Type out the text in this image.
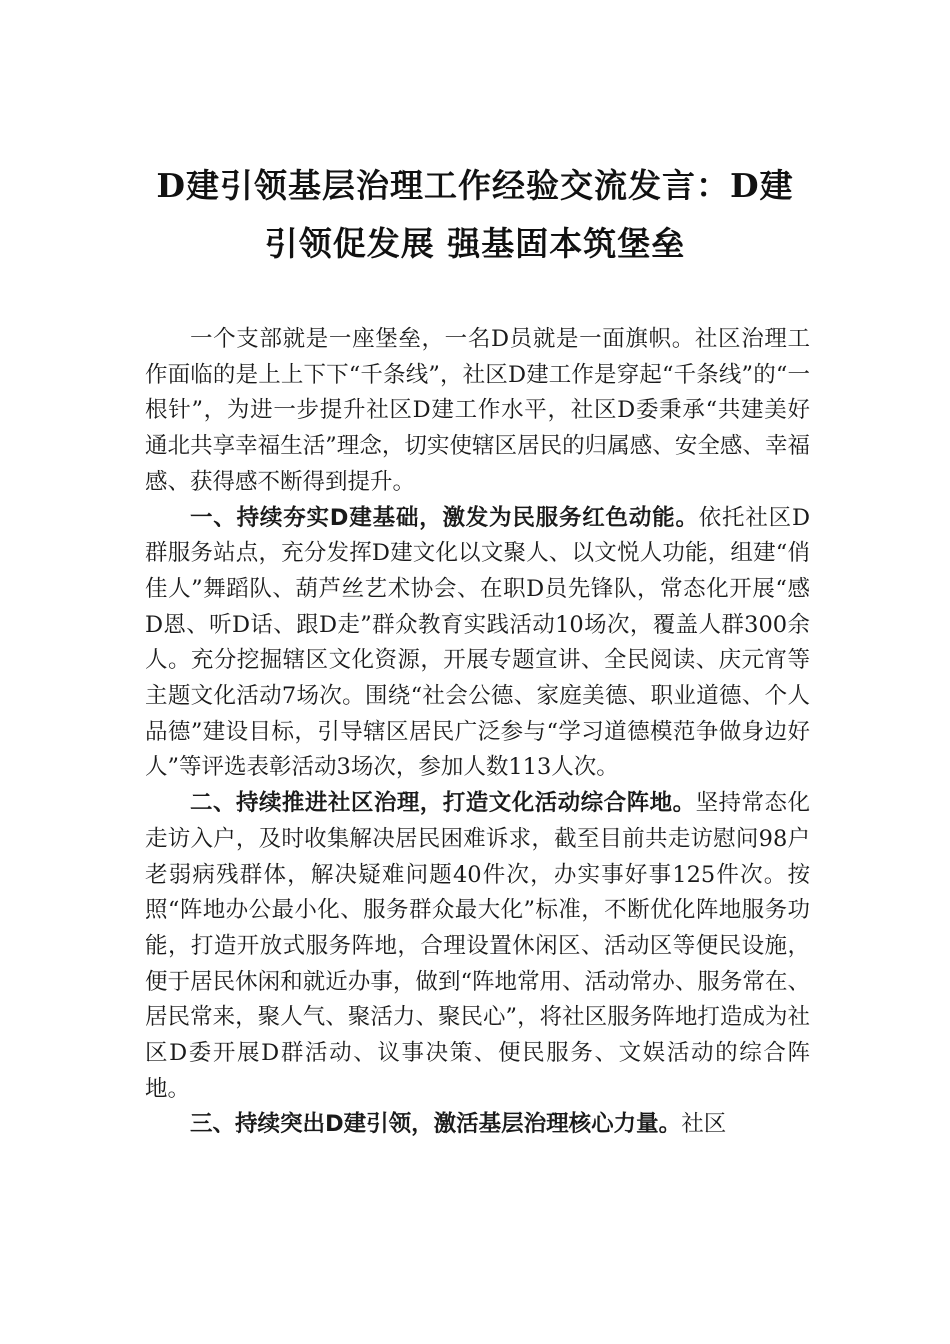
D建引领基层治理工作经验交流发言：D建
引领促发展 强基固本筑堡垒

一个支部就是一座堡垒，一名D员就是一面旗帜。社区治理工作面临的是上上下下“千条线”，社区D建工作是穿起“千条线”的“一根针”，为进一步提升社区D建工作水平，社区D委秉承“共建美好通北共享幸福生活”理念，切实使辖区居民的归属感、安全感、幸福感、获得感不断得到提升。

一、持续夯实D建基础，激发为民服务红色动能。依托社区D群服务站点，充分发挥D建文化以文聚人、以文悦人功能，组建“俏佳人”舞蹈队、葫芦丝艺术协会、在职D员先锋队，常态化开展“感D恩、听D话、跟D走”群众教育实践活动10场次，覆盖人群300余人。充分挖掘辖区文化资源，开展专题宣讲、全民阅读、庆元宵等主题文化活动7场次。围绕“社会公德、家庭美德、职业道德、个人品德”建设目标，引导辖区居民广泛参与“学习道德模范争做身边好人”等评选表彰活动3场次，参加人数113人次。

二、持续推进社区治理，打造文化活动综合阵地。坚持常态化走访入户，及时收集解决居民困难诉求，截至目前共走访慰问98户老弱病残群体，解决疑难问题40件次，办实事好事125件次。按照“阵地办公最小化、服务群众最大化”标准，不断优化阵地服务功能，打造开放式服务阵地，合理设置休闲区、活动区等便民设施，便于居民休闲和就近办事，做到“阵地常用、活动常办、服务常在、居民常来，聚人气、聚活力、聚民心”，将社区服务阵地打造成为社区D委开展D群活动、议事决策、便民服务、文娱活动的综合阵地。

三、持续突出D建引领，激活基层治理核心力量。社区
